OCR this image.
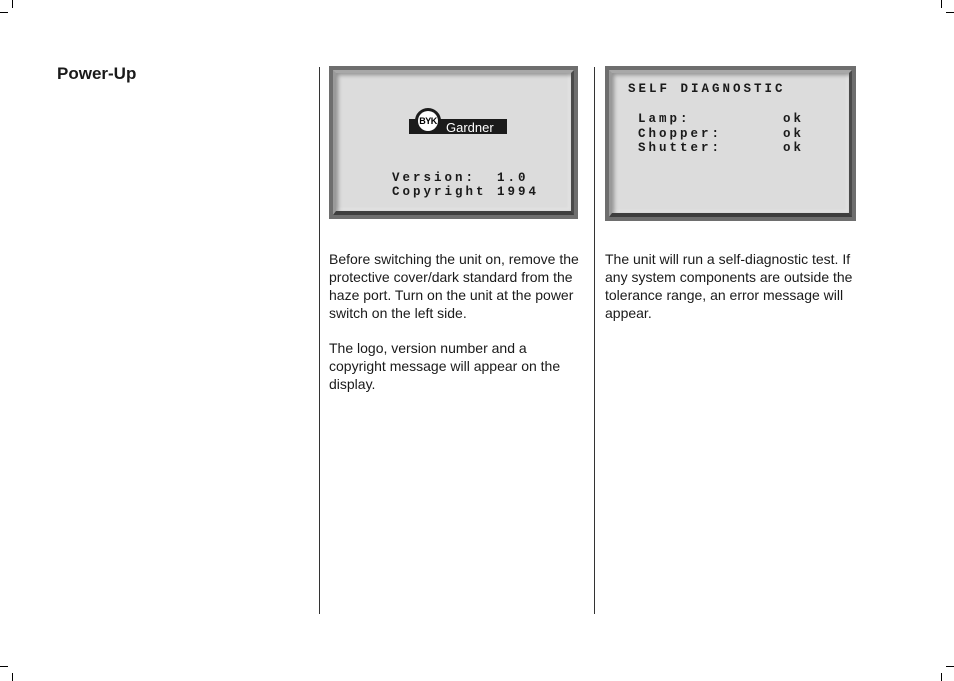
Power-Up
BYK Gardner
Version:  1.0
Copyright 1994
SELF DIAGNOSTIC
Lamp:	ok
Chopper:	ok
Shutter:	ok

Before switching the unit on, remove the protective cover/dark standard from the haze port. Turn on the unit at the power switch on the left side.

The logo, version number and a copyright message will appear on the display.

The unit will run a self-diagnostic test. If any system components are outside the tolerance range, an error message will appear.
